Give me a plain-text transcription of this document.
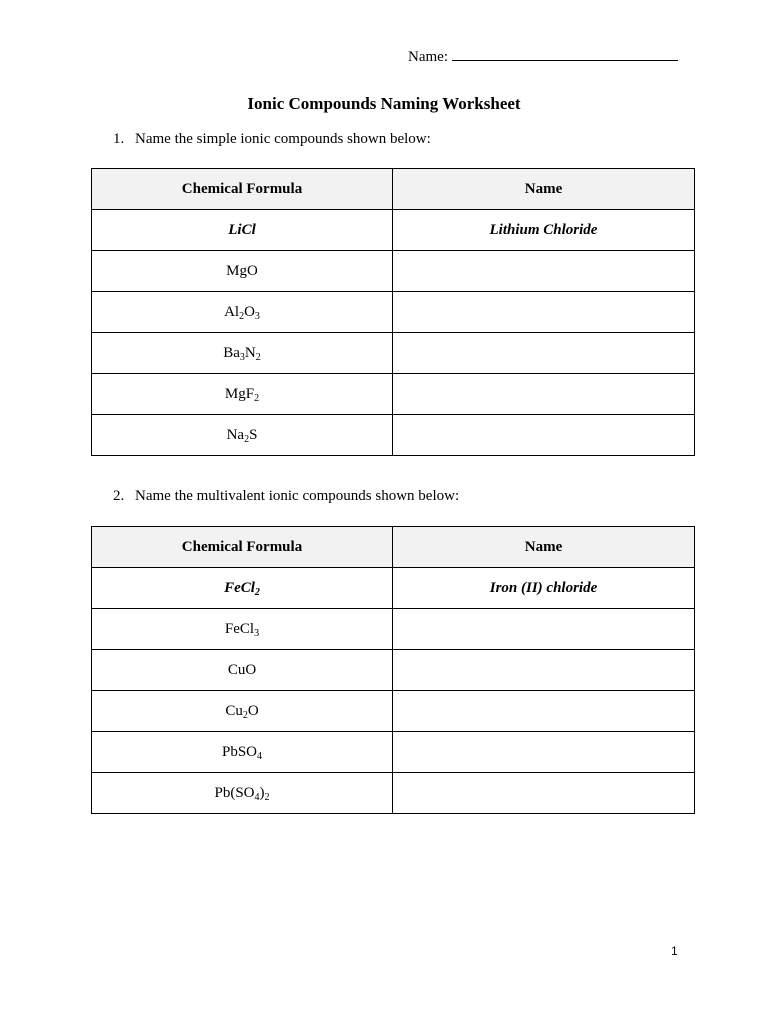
Name:
Ionic Compounds Naming Worksheet
1. Name the simple ionic compounds shown below:
Chemical Formula	Name
LiCl	Lithium Chloride
MgO	
$Al_2O_3$	
$Ba_3N_2$	
MgF$_2$	
$Na_2S$	
2. Name the multivalent ionic compounds shown below:
Chemical Formula	Name
FeCl$_2$	Iron (II) chloride
FeCl$_3$	
CuO	
$Cu_2O$	
PbSO$_4$	
$Pb(SO_4)_2$	
1
